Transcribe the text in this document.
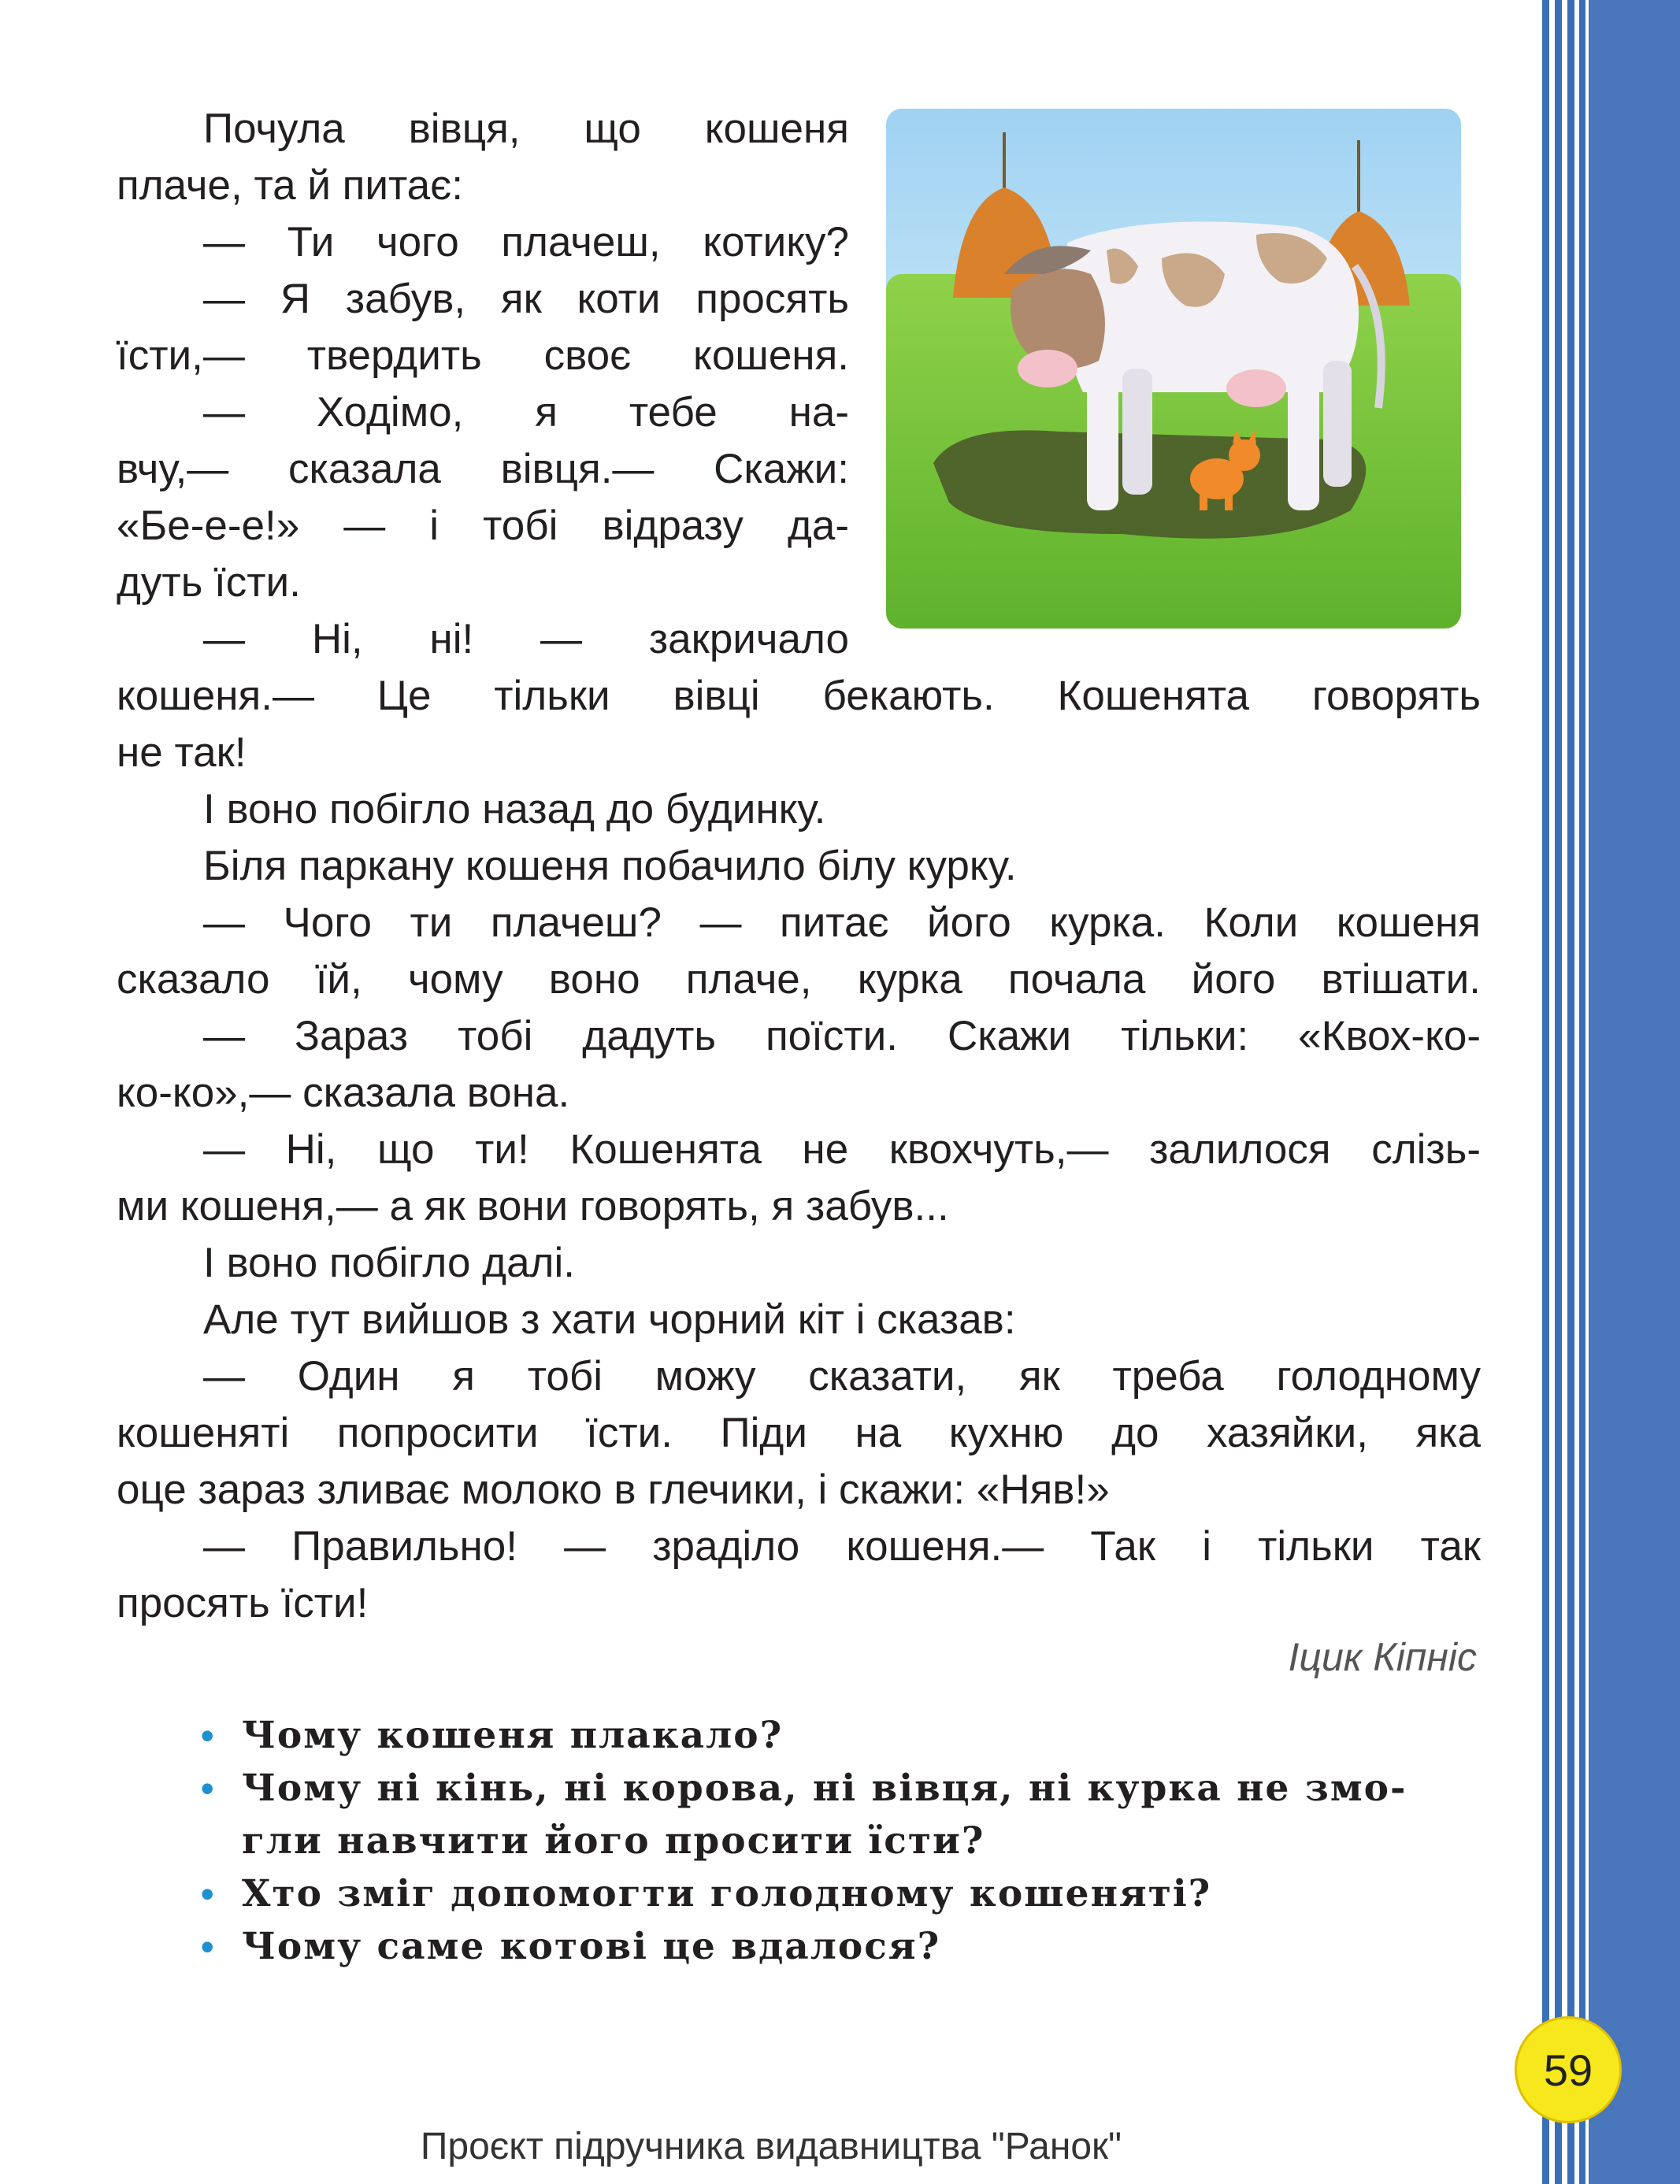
Почула вівця, що кошеня

плаче, та й питає:

— Ти чого плачеш, котику?

— Я забув, як коти просять

їсти,— твердить своє кошеня.

— Ходімо, я тебе на-

вчу,— сказала вівця.— Скажи:

«Бе-е-е!» — і тобі відразу да-

дуть їсти.

— Ні, ні! — закричало

кошеня.— Це тільки вівці бекають. Кошенята говорять

не так!

І воно побігло назад до будинку.

Біля паркану кошеня побачило білу курку.

— Чого ти плачеш? — питає його курка. Коли кошеня

сказало їй, чому воно плаче, курка почала його втішати.

— Зараз тобі дадуть поїсти. Скажи тільки: «Квох-ко-

ко-ко»,— сказала вона.

— Ні, що ти! Кошенята не квохчуть,— залилося слізь-

ми кошеня,— а як вони говорять, я забув...

І воно побігло далі.

Але тут вийшов з хати чорний кіт і сказав:

— Один я тобі можу сказати, як треба голодному

кошеняті попросити їсти. Піди на кухню до хазяйки, яка

оце зараз зливає молоко в глечики, і скажи: «Няв!»

— Правильно! — зраділо кошеня.— Так і тільки так

просять їсти!

Іцик Кіпніс
• Чому кошеня плакало?
• Чому ні кінь, ні корова, ні вівця, ні курка не змо-
гли навчити його просити їсти?
• Хто зміг допомогти голодному кошеняті?
• Чому саме котові це вдалося?
59
Проєкт підручника видавництва "Ранок"
